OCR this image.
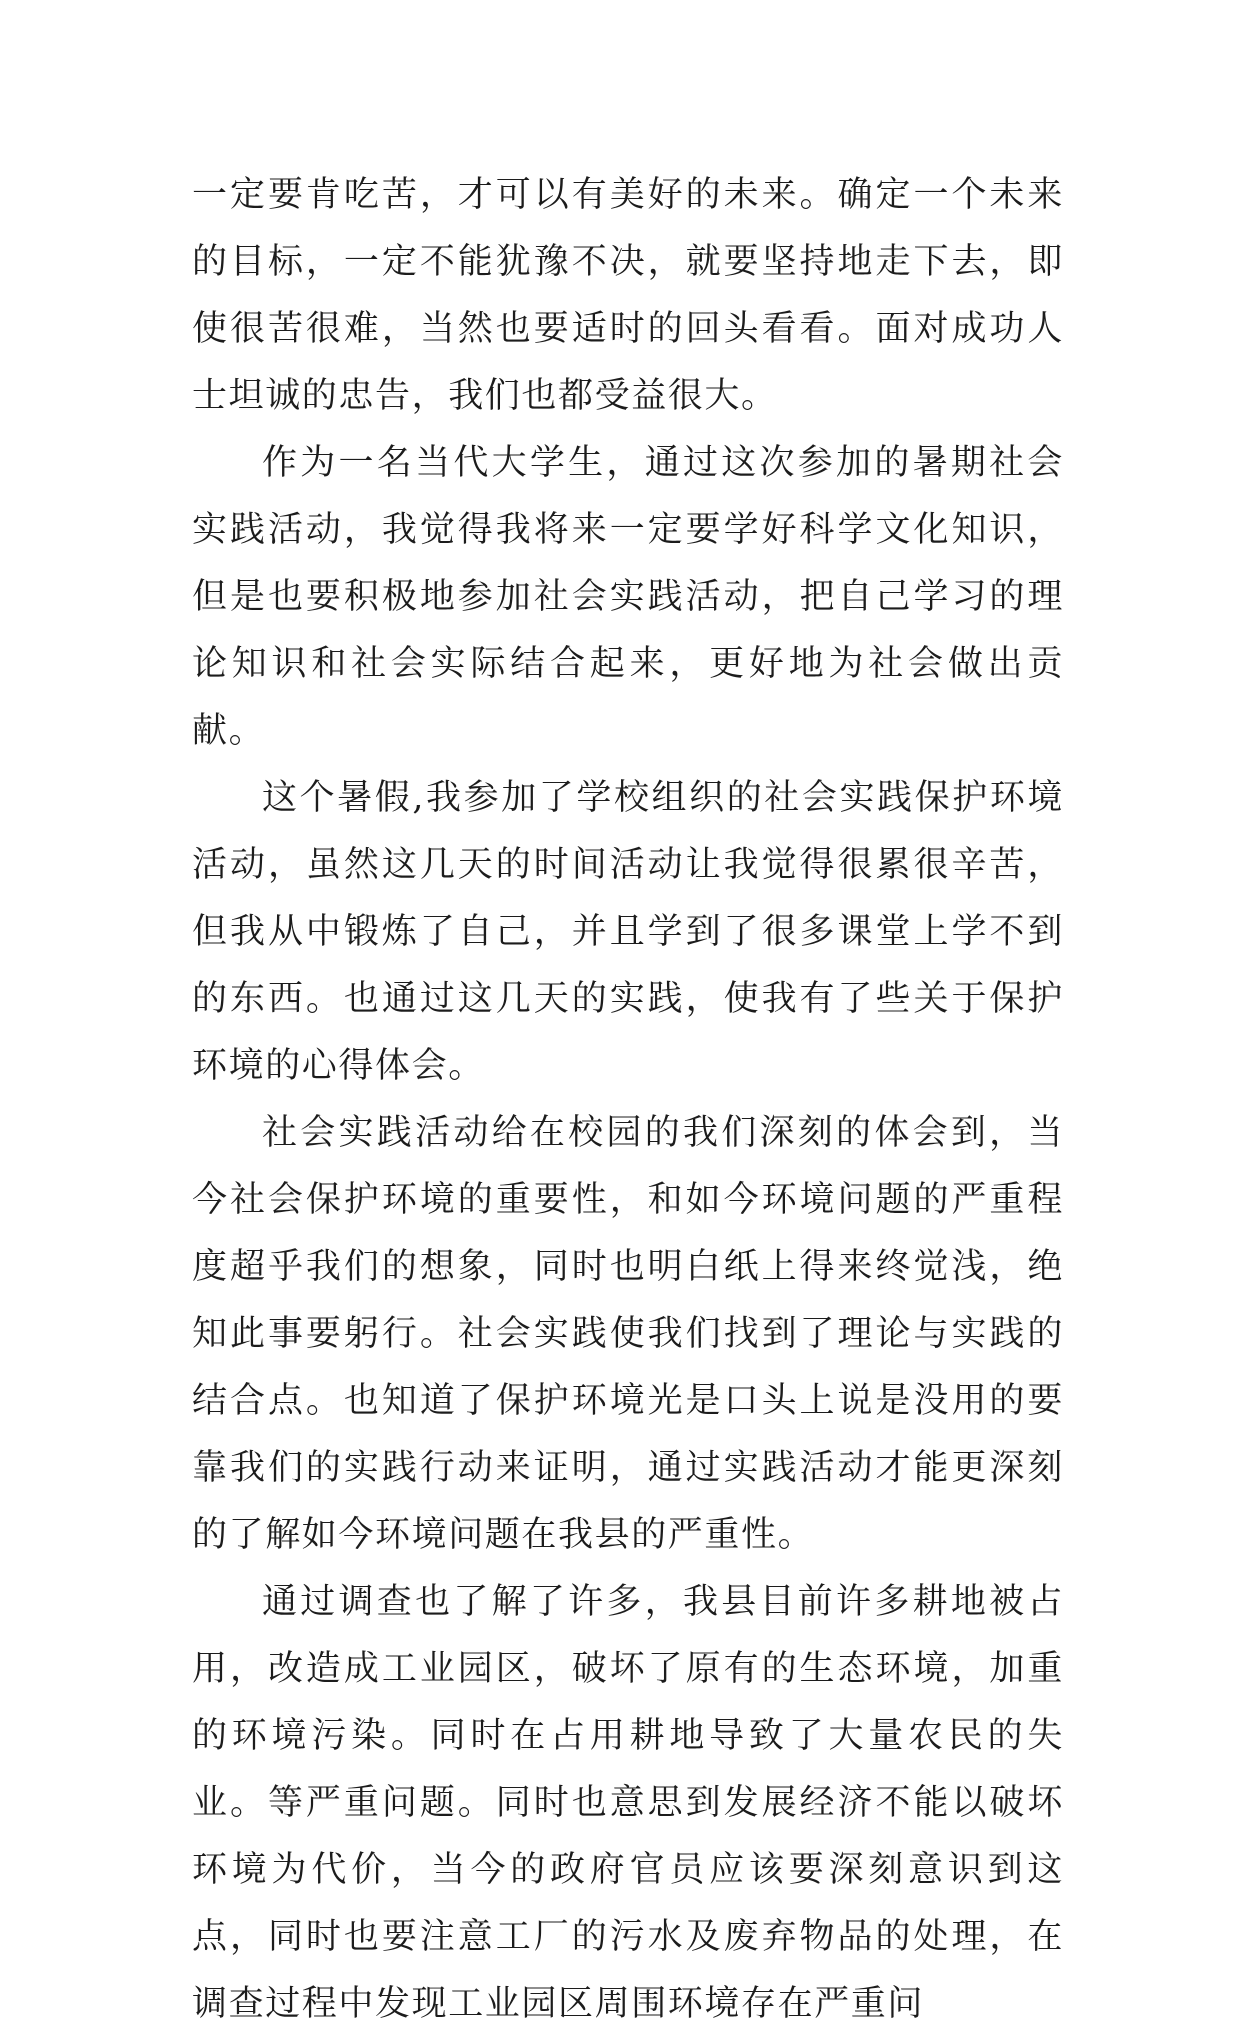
一定要肯吃苦，才可以有美好的未来。确定一个未来的目标，一定不能犹豫不决，就要坚持地走下去，即使很苦很难，当然也要适时的回头看看。面对成功人士坦诚的忠告，我们也都受益很大。

作为一名当代大学生，通过这次参加的暑期社会实践活动，我觉得我将来一定要学好科学文化知识，但是也要积极地参加社会实践活动，把自己学习的理论知识和社会实际结合起来，更好地为社会做出贡献。

这个暑假,我参加了学校组织的社会实践保护环境活动，虽然这几天的时间活动让我觉得很累很辛苦，但我从中锻炼了自己，并且学到了很多课堂上学不到的东西。也通过这几天的实践，使我有了些关于保护环境的心得体会。

社会实践活动给在校园的我们深刻的体会到，当今社会保护环境的重要性，和如今环境问题的严重程度超乎我们的想象，同时也明白纸上得来终觉浅，绝知此事要躬行。社会实践使我们找到了理论与实践的结合点。也知道了保护环境光是口头上说是没用的要靠我们的实践行动来证明，通过实践活动才能更深刻的了解如今环境问题在我县的严重性。

通过调查也了解了许多，我县目前许多耕地被占用，改造成工业园区，破坏了原有的生态环境，加重的环境污染。同时在占用耕地导致了大量农民的失业。等严重问题。同时也意思到发展经济不能以破坏环境为代价，当今的政府官员应该要深刻意识到这点，同时也要注意工厂的污水及废弃物品的处理，在调查过程中发现工业园区周围环境存在严重问
